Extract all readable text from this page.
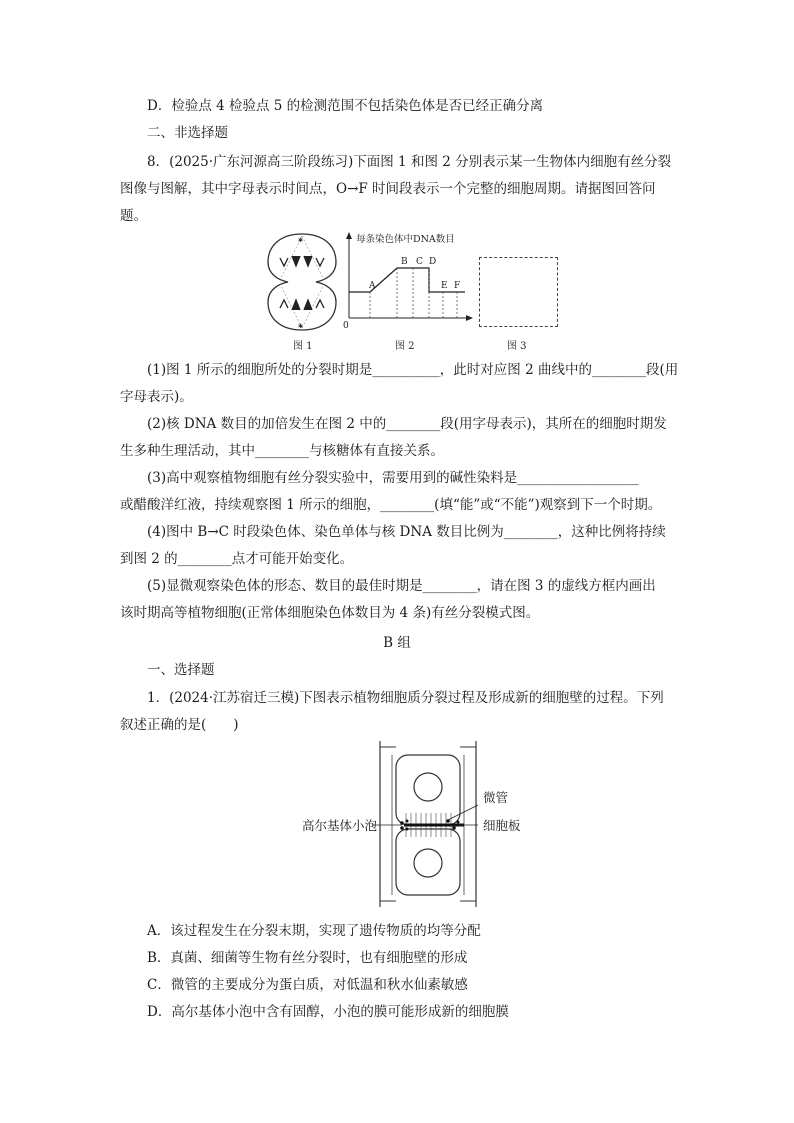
D．检验点 4 检验点 5 的检测范围不包括染色体是否已经正确分离
二、非选择题
8．(2025·广东河源高三阶段练习)下面图 1 和图 2 分别表示某一生物体内细胞有丝分裂
图像与图解，其中字母表示时间点，O→F 时间段表示一个完整的细胞周期。请据图回答问
题。
✱
✱
每条染色体中DNA数目
0
A
B C D
E F
图 1	图 2	图 3
(1)图 1 所示的细胞所处的分裂时期是__________，此时对应图 2 曲线中的________段(用
字母表示)。
(2)核 DNA 数目的加倍发生在图 2 中的________段(用字母表示)，其所在的细胞时期发
生多种生理活动，其中________与核糖体有直接关系。
(3)高中观察植物细胞有丝分裂实验中，需要用到的碱性染料是__________________
或醋酸洋红液，持续观察图 1 所示的细胞，________(填“能”或“不能”)观察到下一个时期。
(4)图中 B→C 时段染色体、染色单体与核 DNA 数目比例为________，这种比例将持续
到图 2 的________点才可能开始变化。
(5)显微观察染色体的形态、数目的最佳时期是________，请在图 3 的虚线方框内画出
该时期高等植物细胞(正常体细胞染色体数目为 4 条)有丝分裂模式图。
B 组
一、选择题
1．(2024·江苏宿迁三模)下图表示植物细胞质分裂过程及形成新的细胞壁的过程。下列
叙述正确的是(　　)
高尔基体小泡
微管
细胞板
A．该过程发生在分裂末期，实现了遗传物质的均等分配
B．真菌、细菌等生物有丝分裂时，也有细胞壁的形成
C．微管的主要成分为蛋白质，对低温和秋水仙素敏感
D．高尔基体小泡中含有固醇，小泡的膜可能形成新的细胞膜
